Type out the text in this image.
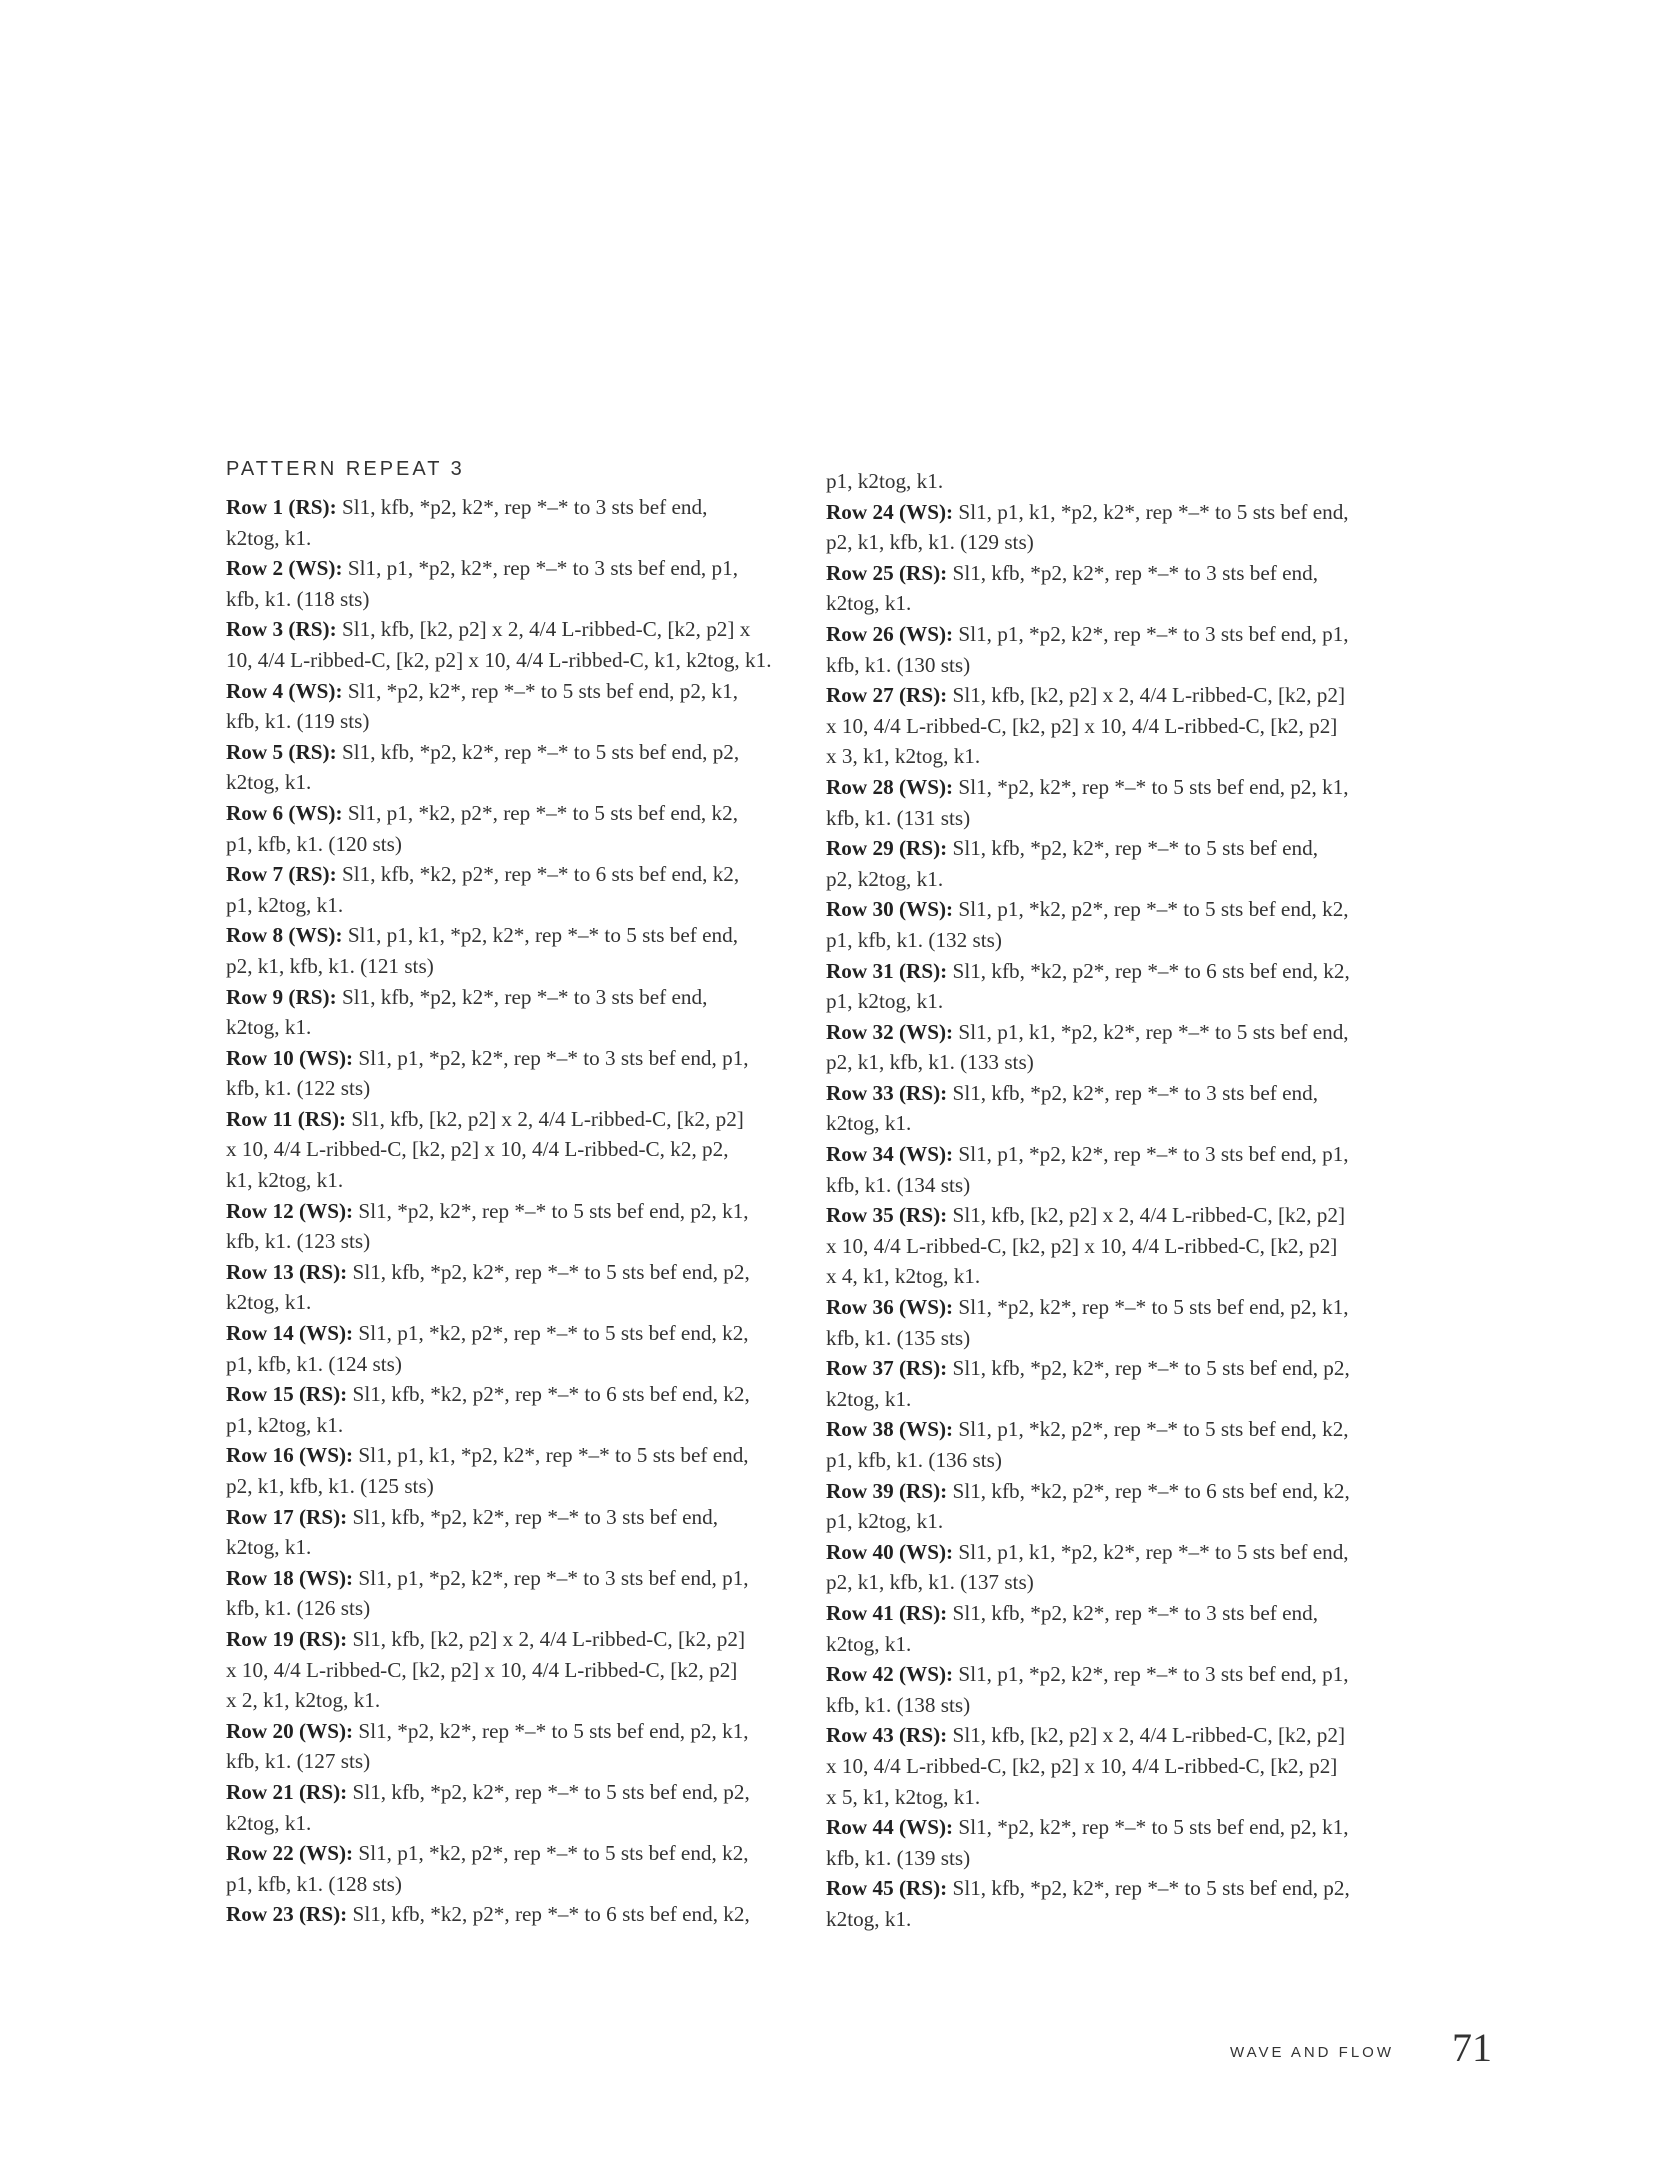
PATTERN REPEAT 3
Row 1 (RS): Sl1, kfb, *p2, k2*, rep *–* to 3 sts bef end,
k2tog, k1.
Row 2 (WS): Sl1, p1, *p2, k2*, rep *–* to 3 sts bef end, p1,
kfb, k1. (118 sts)
Row 3 (RS): Sl1, kfb, [k2, p2] x 2, 4/4 L-ribbed-C, [k2, p2] x
10, 4/4 L-ribbed-C, [k2, p2] x 10, 4/4 L-ribbed-C, k1, k2tog, k1.
Row 4 (WS): Sl1, *p2, k2*, rep *–* to 5 sts bef end, p2, k1,
kfb, k1. (119 sts)
Row 5 (RS): Sl1, kfb, *p2, k2*, rep *–* to 5 sts bef end, p2,
k2tog, k1.
Row 6 (WS): Sl1, p1, *k2, p2*, rep *–* to 5 sts bef end, k2,
p1, kfb, k1. (120 sts)
Row 7 (RS): Sl1, kfb, *k2, p2*, rep *–* to 6 sts bef end, k2,
p1, k2tog, k1.
Row 8 (WS): Sl1, p1, k1, *p2, k2*, rep *–* to 5 sts bef end,
p2, k1, kfb, k1. (121 sts)
Row 9 (RS): Sl1, kfb, *p2, k2*, rep *–* to 3 sts bef end,
k2tog, k1.
Row 10 (WS): Sl1, p1, *p2, k2*, rep *–* to 3 sts bef end, p1,
kfb, k1. (122 sts)
Row 11 (RS): Sl1, kfb, [k2, p2] x 2, 4/4 L-ribbed-C, [k2, p2]
x 10, 4/4 L-ribbed-C, [k2, p2] x 10, 4/4 L-ribbed-C, k2, p2,
k1, k2tog, k1.
Row 12 (WS): Sl1, *p2, k2*, rep *–* to 5 sts bef end, p2, k1,
kfb, k1. (123 sts)
Row 13 (RS): Sl1, kfb, *p2, k2*, rep *–* to 5 sts bef end, p2,
k2tog, k1.
Row 14 (WS): Sl1, p1, *k2, p2*, rep *–* to 5 sts bef end, k2,
p1, kfb, k1. (124 sts)
Row 15 (RS): Sl1, kfb, *k2, p2*, rep *–* to 6 sts bef end, k2,
p1, k2tog, k1.
Row 16 (WS): Sl1, p1, k1, *p2, k2*, rep *–* to 5 sts bef end,
p2, k1, kfb, k1. (125 sts)
Row 17 (RS): Sl1, kfb, *p2, k2*, rep *–* to 3 sts bef end,
k2tog, k1.
Row 18 (WS): Sl1, p1, *p2, k2*, rep *–* to 3 sts bef end, p1,
kfb, k1. (126 sts)
Row 19 (RS): Sl1, kfb, [k2, p2] x 2, 4/4 L-ribbed-C, [k2, p2]
x 10, 4/4 L-ribbed-C, [k2, p2] x 10, 4/4 L-ribbed-C, [k2, p2]
x 2, k1, k2tog, k1.
Row 20 (WS): Sl1, *p2, k2*, rep *–* to 5 sts bef end, p2, k1,
kfb, k1. (127 sts)
Row 21 (RS): Sl1, kfb, *p2, k2*, rep *–* to 5 sts bef end, p2,
k2tog, k1.
Row 22 (WS): Sl1, p1, *k2, p2*, rep *–* to 5 sts bef end, k2,
p1, kfb, k1. (128 sts)
Row 23 (RS): Sl1, kfb, *k2, p2*, rep *–* to 6 sts bef end, k2,
p1, k2tog, k1.
Row 24 (WS): Sl1, p1, k1, *p2, k2*, rep *–* to 5 sts bef end,
p2, k1, kfb, k1. (129 sts)
Row 25 (RS): Sl1, kfb, *p2, k2*, rep *–* to 3 sts bef end,
k2tog, k1.
Row 26 (WS): Sl1, p1, *p2, k2*, rep *–* to 3 sts bef end, p1,
kfb, k1. (130 sts)
Row 27 (RS): Sl1, kfb, [k2, p2] x 2, 4/4 L-ribbed-C, [k2, p2]
x 10, 4/4 L-ribbed-C, [k2, p2] x 10, 4/4 L-ribbed-C, [k2, p2]
x 3, k1, k2tog, k1.
Row 28 (WS): Sl1, *p2, k2*, rep *–* to 5 sts bef end, p2, k1,
kfb, k1. (131 sts)
Row 29 (RS): Sl1, kfb, *p2, k2*, rep *–* to 5 sts bef end,
p2, k2tog, k1.
Row 30 (WS): Sl1, p1, *k2, p2*, rep *–* to 5 sts bef end, k2,
p1, kfb, k1. (132 sts)
Row 31 (RS): Sl1, kfb, *k2, p2*, rep *–* to 6 sts bef end, k2,
p1, k2tog, k1.
Row 32 (WS): Sl1, p1, k1, *p2, k2*, rep *–* to 5 sts bef end,
p2, k1, kfb, k1. (133 sts)
Row 33 (RS): Sl1, kfb, *p2, k2*, rep *–* to 3 sts bef end,
k2tog, k1.
Row 34 (WS): Sl1, p1, *p2, k2*, rep *–* to 3 sts bef end, p1,
kfb, k1. (134 sts)
Row 35 (RS): Sl1, kfb, [k2, p2] x 2, 4/4 L-ribbed-C, [k2, p2]
x 10, 4/4 L-ribbed-C, [k2, p2] x 10, 4/4 L-ribbed-C, [k2, p2]
x 4, k1, k2tog, k1.
Row 36 (WS): Sl1, *p2, k2*, rep *–* to 5 sts bef end, p2, k1,
kfb, k1. (135 sts)
Row 37 (RS): Sl1, kfb, *p2, k2*, rep *–* to 5 sts bef end, p2,
k2tog, k1.
Row 38 (WS): Sl1, p1, *k2, p2*, rep *–* to 5 sts bef end, k2,
p1, kfb, k1. (136 sts)
Row 39 (RS): Sl1, kfb, *k2, p2*, rep *–* to 6 sts bef end, k2,
p1, k2tog, k1.
Row 40 (WS): Sl1, p1, k1, *p2, k2*, rep *–* to 5 sts bef end,
p2, k1, kfb, k1. (137 sts)
Row 41 (RS): Sl1, kfb, *p2, k2*, rep *–* to 3 sts bef end,
k2tog, k1.
Row 42 (WS): Sl1, p1, *p2, k2*, rep *–* to 3 sts bef end, p1,
kfb, k1. (138 sts)
Row 43 (RS): Sl1, kfb, [k2, p2] x 2, 4/4 L-ribbed-C, [k2, p2]
x 10, 4/4 L-ribbed-C, [k2, p2] x 10, 4/4 L-ribbed-C, [k2, p2]
x 5, k1, k2tog, k1.
Row 44 (WS): Sl1, *p2, k2*, rep *–* to 5 sts bef end, p2, k1,
kfb, k1. (139 sts)
Row 45 (RS): Sl1, kfb, *p2, k2*, rep *–* to 5 sts bef end, p2,
k2tog, k1.
WAVE AND FLOW 71
